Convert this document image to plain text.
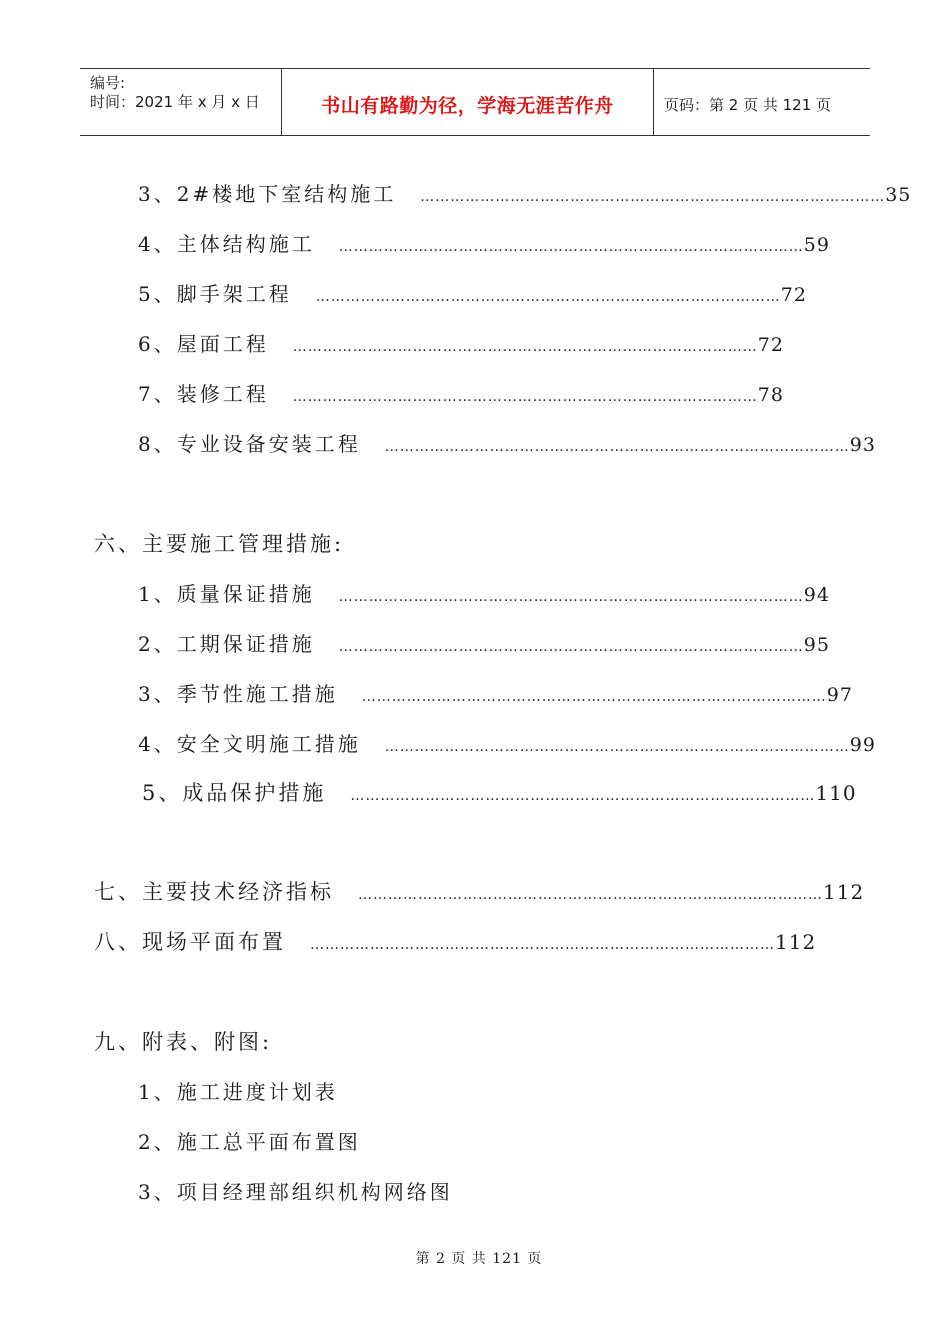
编号:
时间：2021 年 x 月 x 日	书山有路勤为径，学海无涯苦作舟	页码：第 2 页 共 121 页
3、2#楼地下室结构施工 ………………………………………………………………………………… 35
4、主体结构施工 ………………………………………………………………………………… 59
5、脚手架工程 ………………………………………………………………………………… 72
6、屋面工程 ………………………………………………………………………………… 72
7、装修工程 ………………………………………………………………………………… 78
8、专业设备安装工程 ………………………………………………………………………………… 93
六、主要施工管理措施:
1、质量保证措施 ………………………………………………………………………………… 94
2、工期保证措施 ………………………………………………………………………………… 95
3、季节性施工措施 ………………………………………………………………………………… 97
4、安全文明施工措施 ………………………………………………………………………………… 99
5、成品保护措施 ………………………………………………………………………………… 110
七、主要技术经济指标 ………………………………………………………………………………… 112
八、现场平面布置 ………………………………………………………………………………… 112
九、附表、附图:
1、施工进度计划表
2、施工总平面布置图
3、项目经理部组织机构网络图
第 2 页 共 121 页
